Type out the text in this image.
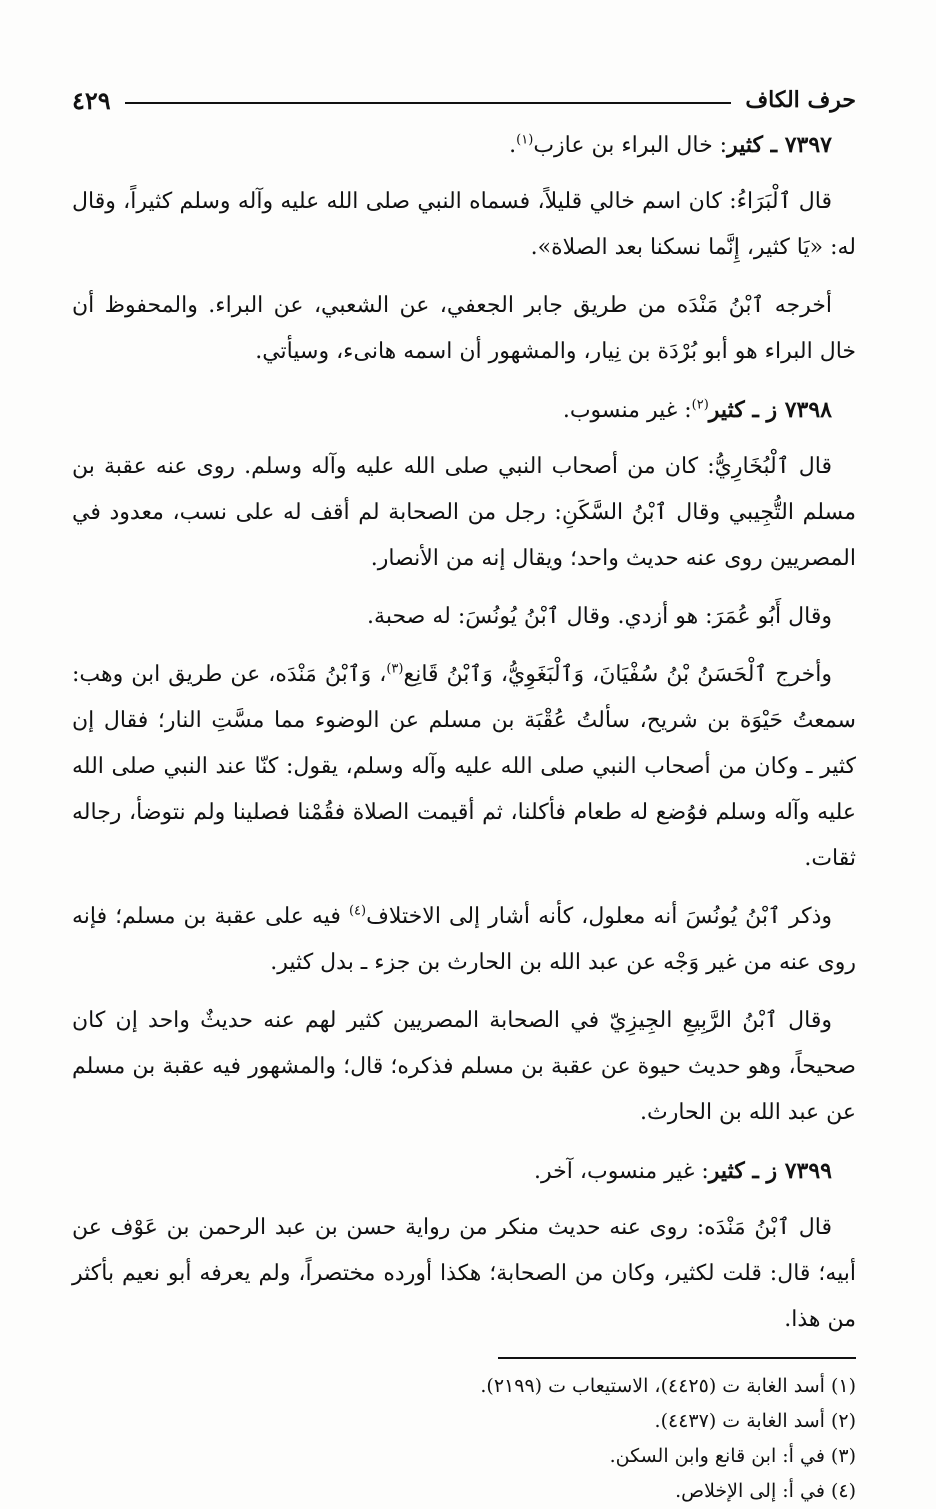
حرف الكاف
٤٢٩

٧٣٩٧ ـ كثير: خال البراء بن عازب$^{(١)}$.

قال ٱلْبَرَاءُ: كان اسم خالي قليلاً، فسماه النبي صلى الله عليه وآله وسلم كثيراً، وقال له: «يَا كثير، إِنَّما نسكنا بعد الصلاة».

أخرجه ٱبْنُ مَنْدَه من طريق جابر الجعفي، عن الشعبي، عن البراء. والمحفوظ أن خال البراء هو أبو بُرْدَة بن نِيار، والمشهور أن اسمه هانىء، وسيأتي.

٧٣٩٨ ز ـ كثير$^{(٢)}$: غير منسوب.

قال ٱلْبُخَارِيُّ: كان من أصحاب النبي صلى الله عليه وآله وسلم. روى عنه عقبة بن مسلم التُّجِيبي وقال ٱبْنُ السَّكَنِ: رجل من الصحابة لم أقف له على نسب، معدود في المصريين روى عنه حديث واحد؛ ويقال إنه من الأنصار.

وقال أَبُو عُمَرَ: هو أزدي. وقال ٱبْنُ يُونُسَ: له صحبة.

وأخرج ٱلْحَسَنُ بْنُ سُفْيَانَ، وَٱلْبَغَوِيُّ، وَٱبْنُ قَانِع$^{(٣)}$، وَٱبْنُ مَنْدَه، عن طريق ابن وهب: سمعتُ حَيْوَة بن شريح، سألتُ عُقْبَة بن مسلم عن الوضوء مما مسَّتِ النار؛ فقال إن كثير ـ وكان من أصحاب النبي صلى الله عليه وآله وسلم، يقول: كنّا عند النبي صلى الله عليه وآله وسلم فوُضع له طعام فأكلنا، ثم أقيمت الصلاة فقُمْنا فصلينا ولم نتوضأ، رجاله ثقات.

وذكر ٱبْنُ يُونُسَ أنه معلول، كأنه أشار إلى الاختلاف$^{(٤)}$ فيه على عقبة بن مسلم؛ فإنه روى عنه من غير وَجْه عن عبد الله بن الحارث بن جزء ـ بدل كثير.

وقال ٱبْنُ الرَّبِيعِ الجِيزِيّ في الصحابة المصريين كثير لهم عنه حديثٌ واحد إن كان صحيحاً، وهو حديث حيوة عن عقبة بن مسلم فذكره؛ قال؛ والمشهور فيه عقبة بن مسلم عن عبد الله بن الحارث.

٧٣٩٩ ز ـ كثير: غير منسوب، آخر.

قال ٱبْنُ مَنْدَه: روى عنه حديث منكر من رواية حسن بن عبد الرحمن بن عَوْف عن أبيه؛ قال: قلت لكثير، وكان من الصحابة؛ هكذا أورده مختصراً، ولم يعرفه أبو نعيم بأكثر من هذا.

(١) أسد الغابة ت (٤٤٢٥)، الاستيعاب ت (٢١٩٩).
(٢) أسد الغابة ت (٤٤٣٧).
(٣) في أ: ابن قانع وابن السكن.
(٤) في أ: إلى الإخلاص.
